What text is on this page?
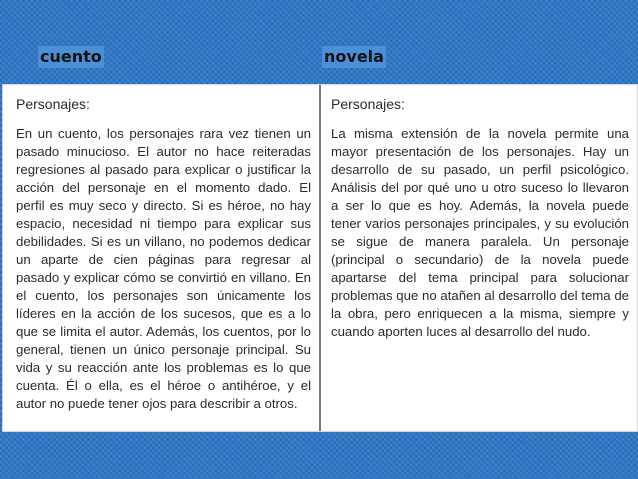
cuento	novela

Personajes:

En un cuento, los personajes rara vez tienen un pasado minucioso. El autor no hace reiteradas regresiones al pasado para explicar o justificar la acción del personaje en el momento dado. El perfil es muy seco y directo. Si es héroe, no hay espacio, necesidad ni tiempo para explicar sus debilidades. Si es un villano, no podemos dedicar un aparte de cien páginas para regresar al pasado y explicar cómo se convirtió en villano. En el cuento, los personajes son únicamente los líderes en la acción de los sucesos, que es a lo que se limita el autor. Además, los cuentos, por lo general, tienen un único personaje principal. Su vida y su reacción ante los problemas es lo que cuenta. Él o ella, es el héroe o antihéroe, y el autor no puede tener ojos para describir a otros.

Personajes:

La misma extensión de la novela permite una mayor presentación de los personajes. Hay un desarrollo de su pasado, un perfil psicológico. Análisis del por qué uno u otro suceso lo llevaron a ser lo que es hoy. Además, la novela puede tener varios personajes principales, y su evolución se sigue de manera paralela. Un personaje (principal o secundario) de la novela puede apartarse del tema principal para solucionar problemas que no atañen al desarrollo del tema de la obra, pero enriquecen a la misma, siempre y cuando aporten luces al desarrollo del nudo.
